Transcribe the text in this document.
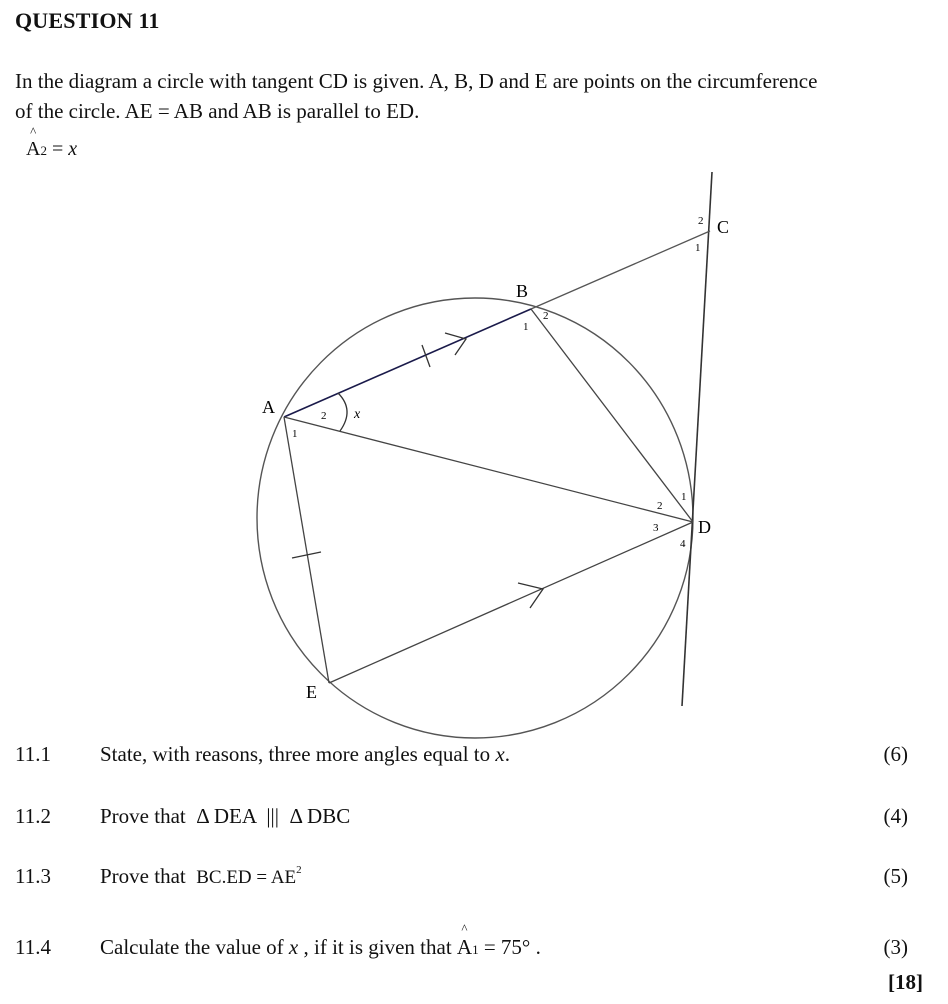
QUESTION 11

In the diagram a circle with tangent CD is given. A, B, D and E are points on the circumference

of the circle. AE = AB and AB is parallel to ED.

^
A2 = x
A
B
C
D
E
1
2 x
1
2
1
2
1
2
3
4
11.1 State, with reasons, three more angles equal to x.	(6)
11.2 Prove that Δ DEA  |||  Δ DBC	(4)
11.3 Prove that $BC.ED = AE^2$	(5)
11.4 Calculate the value of x , if it is given that
^
A1 = 75° .	(3)
[18]
